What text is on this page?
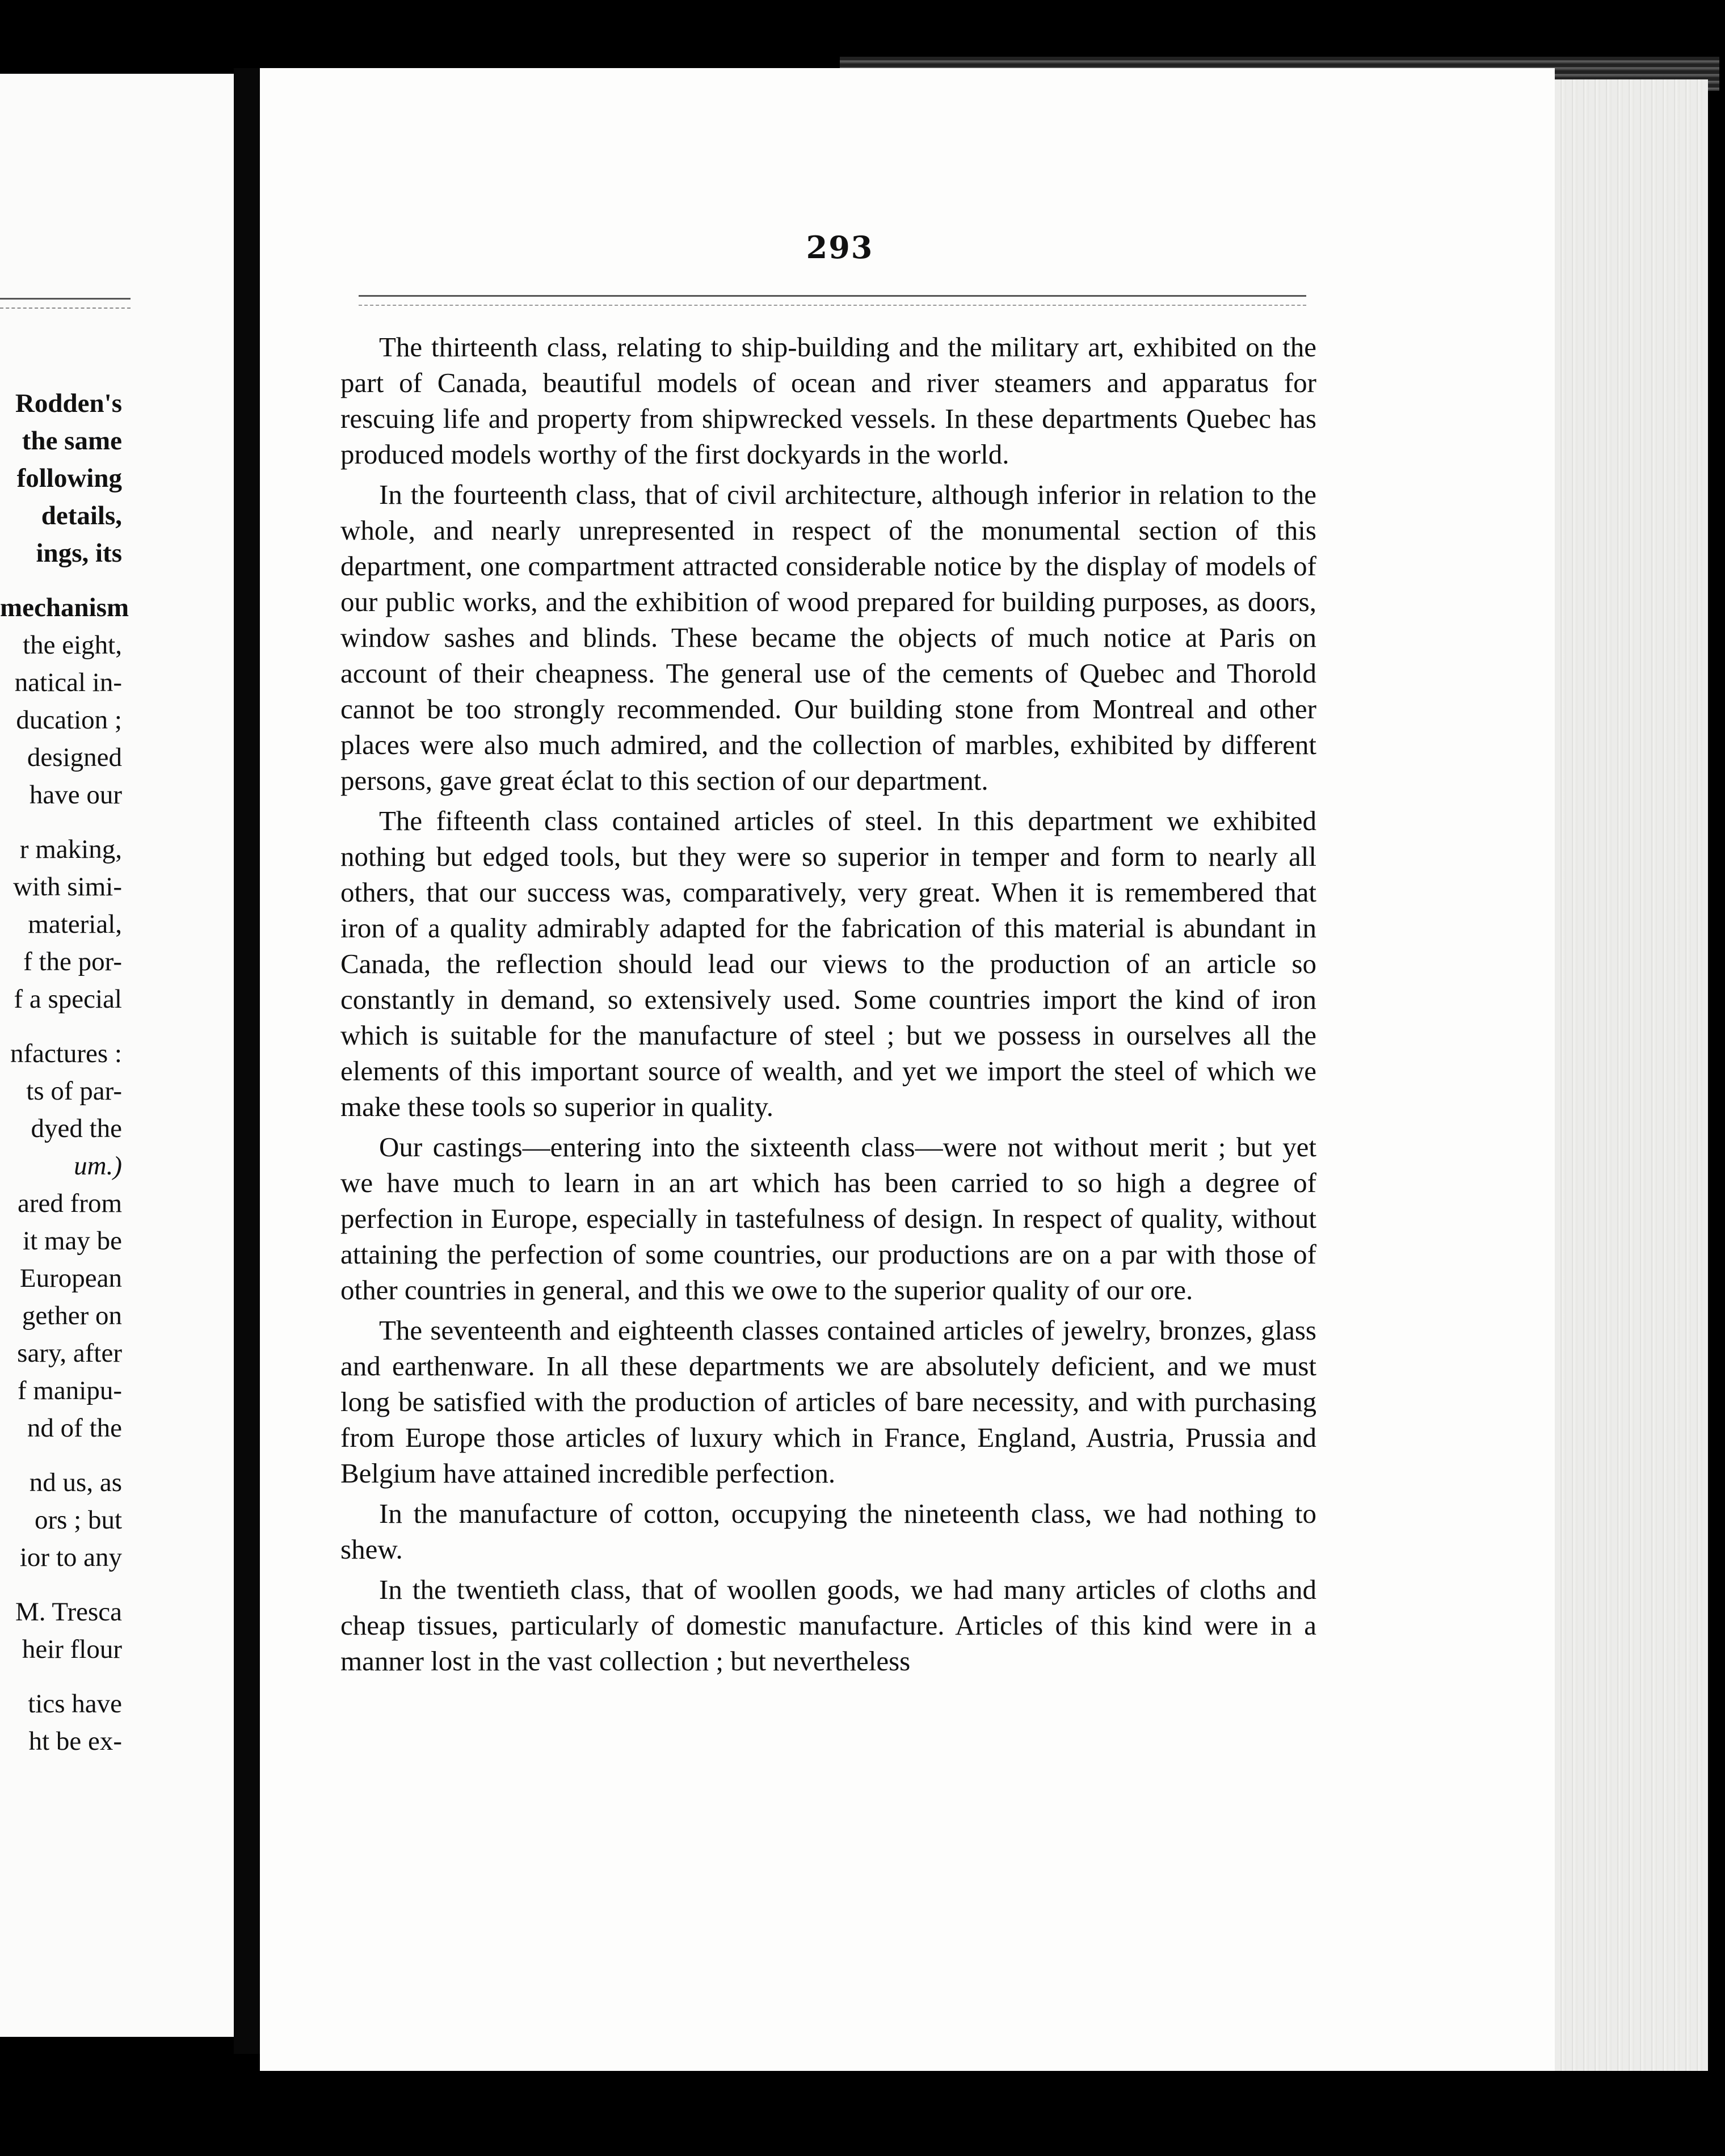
Rodden's
the same
following
details,
ings, its
mechanism
the eight,
natical in-
ducation ;
designed
have our
r making,
with simi-
material,
f the por-
f a special
nfactures :
ts of par-
dyed the
um.)
ared from
it may be
European
gether on
sary, after
f manipu-
nd of the
nd us, as
ors ; but
ior to any
M. Tresca
heir flour
tics have
ht be ex-
293

The thirteenth class, relating to ship-building and the military art, exhibited on the part of Canada, beautiful models of ocean and river steamers and apparatus for rescuing life and property from shipwrecked vessels. In these departments Quebec has produced models worthy of the first dockyards in the world.

In the fourteenth class, that of civil architecture, although inferior in relation to the whole, and nearly unrepresented in respect of the monumental section of this department, one compartment attracted considerable notice by the display of models of our public works, and the exhibition of wood prepared for building purposes, as doors, window sashes and blinds. These became the objects of much notice at Paris on account of their cheapness. The general use of the cements of Quebec and Thorold cannot be too strongly recommended. Our building stone from Montreal and other places were also much admired, and the collection of marbles, exhibited by different persons, gave great éclat to this section of our department.

The fifteenth class contained articles of steel. In this department we exhibited nothing but edged tools, but they were so superior in temper and form to nearly all others, that our success was, comparatively, very great. When it is remembered that iron of a quality admirably adapted for the fabrication of this material is abundant in Canada, the reflection should lead our views to the production of an article so constantly in demand, so extensively used. Some countries import the kind of iron which is suitable for the manufacture of steel ; but we possess in ourselves all the elements of this important source of wealth, and yet we import the steel of which we make these tools so superior in quality.

Our castings—entering into the sixteenth class—were not without merit ; but yet we have much to learn in an art which has been carried to so high a degree of perfection in Europe, especially in tastefulness of design. In respect of quality, without attaining the perfection of some countries, our productions are on a par with those of other countries in general, and this we owe to the superior quality of our ore.

The seventeenth and eighteenth classes contained articles of jewelry, bronzes, glass and earthenware. In all these departments we are absolutely deficient, and we must long be satisfied with the production of articles of bare necessity, and with purchasing from Europe those articles of luxury which in France, England, Austria, Prussia and Belgium have attained incredible perfection.

In the manufacture of cotton, occupying the nineteenth class, we had nothing to shew.

In the twentieth class, that of woollen goods, we had many articles of cloths and cheap tissues, particularly of domestic manufacture. Articles of this kind were in a manner lost in the vast collection ; but nevertheless
